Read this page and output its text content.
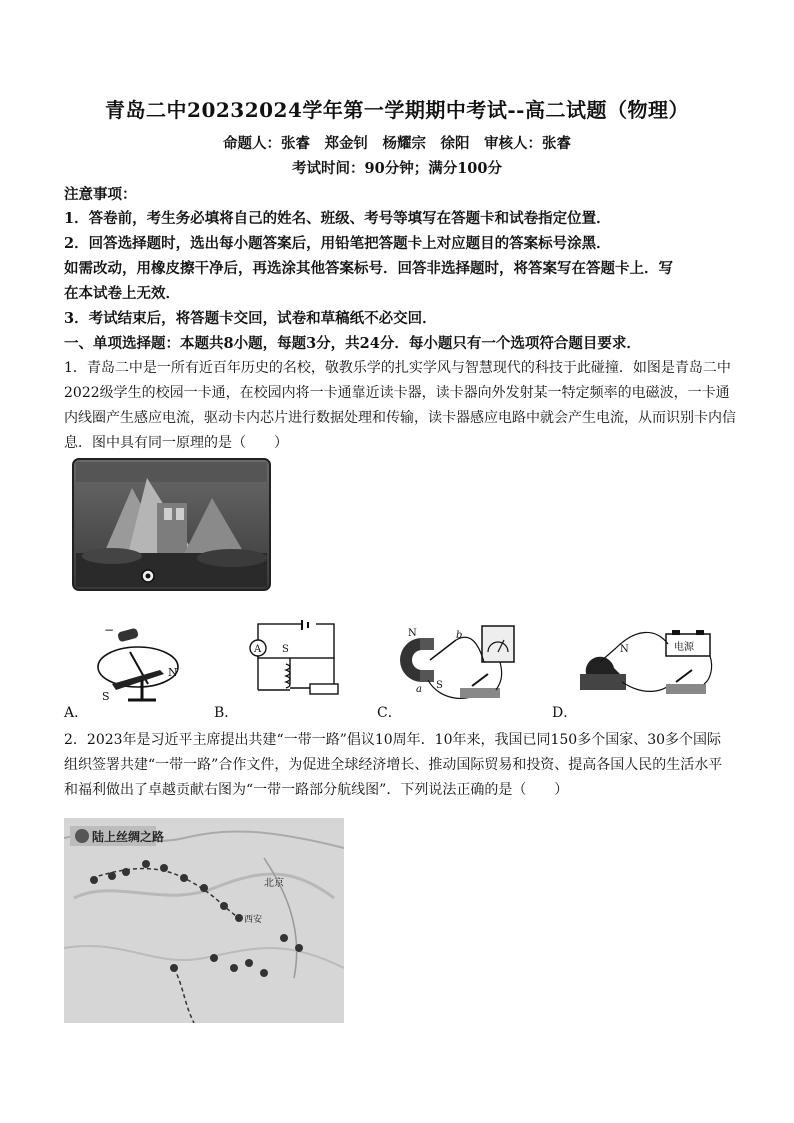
青岛二中20232024学年第一学期期中考试--高二试题（物理）
命题人：张睿　郑金钊　杨耀宗　徐阳　审核人：张睿
考试时间：90分钟；满分100分
注意事项：
1．答卷前，考生务必填将自己的姓名、班级、考号等填写在答题卡和试卷指定位置．
2．回答选择题时，选出每小题答案后，用铅笔把答题卡上对应题目的答案标号涂黑．
如需改动，用橡皮擦干净后，再选涂其他答案标号．回答非选择题时，将答案写在答题卡上．写
在本试卷上无效．
3．考试结束后，将答题卡交回，试卷和草稿纸不必交回．
一、单项选择题：本题共8小题，每题3分，共24分．每小题只有一个选项符合题目要求．
1．青岛二中是一所有近百年历史的名校，敬教乐学的扎实学风与智慧现代的科技于此碰撞．如图是青岛二中
2022级学生的校园一卡通，在校园内将一卡通靠近读卡器，读卡器向外发射某一特定频率的电磁波，一卡通
内线圈产生感应电流，驱动卡内芯片进行数据处理和传输，读卡器感应电路中就会产生电流，从而识别卡内信
息．图中具有同一原理的是（　　）
−
S
N
A S
N
S
a
b
电源
N
A．	B．	C．	D．
2．2023年是习近平主席提出共建“一带一路”倡议10周年．10年来，我国已同150多个国家、30多个国际
组织签署共建“一带一路”合作文件，为促进全球经济增长、推动国际贸易和投资、提高各国人民的生活水平
和福利做出了卓越贡献右图为“一带一路部分航线图”．下列说法正确的是（　　）
陆上丝绸之路
北京
西安
